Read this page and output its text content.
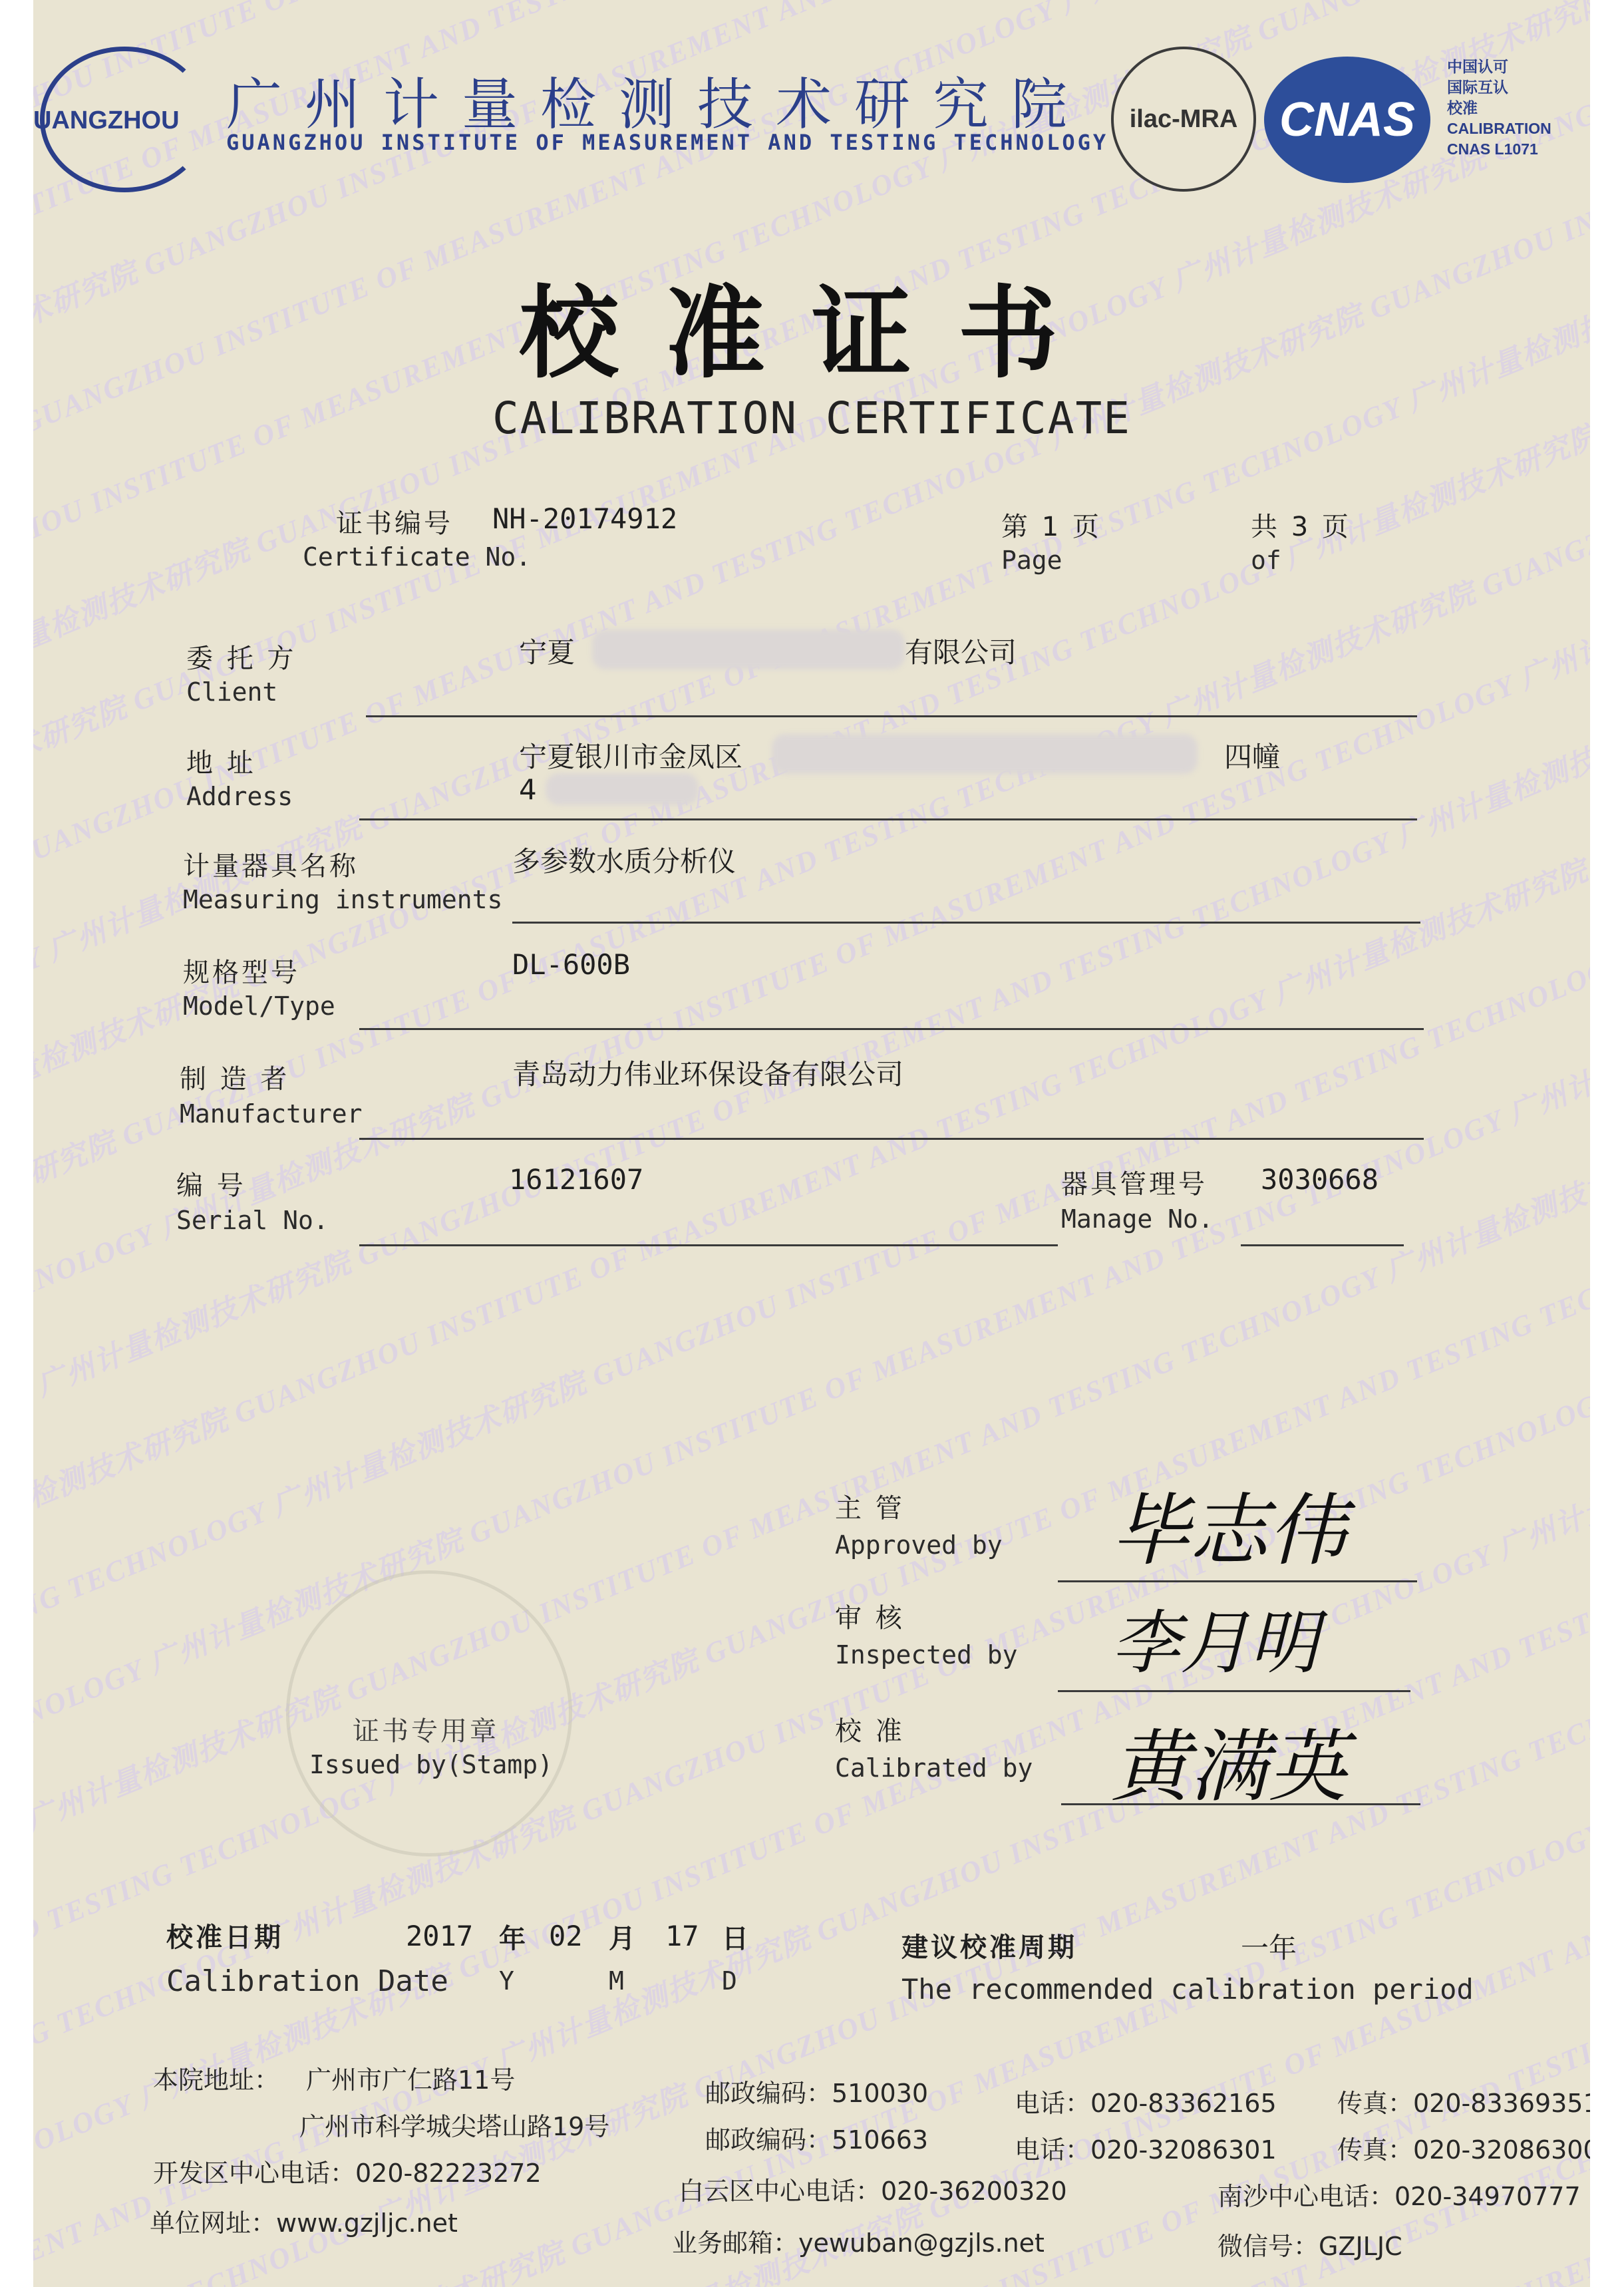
GUANGZHOU INSTITUTE OF MEASUREMENT AND TESTING TECHNOLOGY 广州计量检测技术研究院 GUANGZHOU INSTITUTE
TECHNOLOGY 广州计量检测技术研究院 GUANGZHOU INSTITUTE OF MEASUREMENT AND TESTING TECHNOLOGY 广州计量检测技术研究院
广州计量检测技术研究院 GUANGZHOU INSTITUTE OF MEASUREMENT AND TESTING TECHNOLOGY 广州计量检测技术研究院
广州计量检测技术研究院 GUANGZHOU INSTITUTE OF MEASUREMENT AND TESTING 广州计量检测技术研究院 GUANGZHOU
TECHNOLOGY 广州计量检测技术研究院 GUANGZHOU INSTITUTE OF MEASUREMENT AND TESTING TECHNOLOGY 广州计量检测技术研究院
TECHNOLOGY 广州计量检测技术研究院 GUANGZHOU INSTITUTE OF MEASUREMENT AND TESTING TECHNOLOGY 广州计量检测技术研究院
广州计量检测技术研究院 GUANGZHOU INSTITUTE OF MEASUREMENT AND TESTING TECHNOLOGY 广州计量检测技术研究院
TESTING TECHNOLOGY 广州计量检测技术研究院 GUANGZHOU INSTITUTE OF MEASUREMENT AND TESTING TECHNOLOGY
TECHNOLOGY 广州计量检测技术研究院 GUANGZHOU INSTITUTE OF MEASUREMENT AND TESTING TECHNOLOGY 广州计量检测技术研究院
广州计量检测技术研究院 GUANGZHOU INSTITUTE OF MEASUREMENT AND TESTING TECHNOLOGY 广州计量检测技术研究院
AND TESTING TECHNOLOGY 广州计量检测技术研究院 GUANGZHOU INSTITUTE OF MEASUREMENT AND TESTING TECHNOLOGY
TESTING TECHNOLOGY 广州计量检测技术研究院 GUANGZHOU INSTITUTE OF MEASUREMENT AND TESTING TECHNOLOGY
TECHNOLOGY 广州计量检测技术研究院 GUANGZHOU INSTITUTE OF MEASUREMENT AND TESTING TECHNOLOGY 广州计量检测技术研究院
MEASUREMENT AND TESTING TECHNOLOGY 广州计量检测技术研究院 GUANGZHOU INSTITUTE OF MEASUREMENT AND TESTING
TECHNOLOGY 广州计量检测技术研究院 GUANGZHOU INSTITUTE OF MEASUREMENT AND TESTING TECHNOLOGY
GUANGZHOU INSTITUTE OF MEASUREMENT AND TESTING TECHNOLOGY
广州计量检测技术研究院 GUANGZHOU INSTITUTE OF MEASUREMENT AND
INSTITUTE OF MEASUREMENT AND TESTING
AND TESTING TECHNOLOGY
MEASUREMENT
UANGZHOU 广州计量检测技术研究院
GUANGZHOU INSTITUTE OF MEASUREMENT AND TESTING TECHNOLOGY
ilac-MRA CNAS
中国认可
国际互认
校准
CALIBRATION
CNAS L1071
校准证书
CALIBRATION CERTIFICATE
证书编号 NH-20174912
Certificate No.
第 1 页
Page
共 3 页
of
委 托 方
Client
宁夏	有限公司
地 址
Address
宁夏银川市金凤区	四幢
4
计量器具名称
Measuring instruments
多参数水质分析仪
规格型号
Model/Type
DL-600B
制 造 者
Manufacturer
青岛动力伟业环保设备有限公司
编 号
Serial No.
16121607	器具管理号
Manage No.
3030668
主 管
Approved by 毕志伟
审 核
Inspected by 李月明
校 准
Calibrated by 黄满英
证书专用章
Issued by(Stamp)
校准日期
Calibration Date
2017 年
Y
02 月
M
17 日
D
建议校准周期	一年
The recommended calibration period
本院地址： 广州市广仁路11号
广州市科学城尖塔山路19号
邮政编码：510030
邮政编码：510663
电话：020-83362165
电话：020-32086301
传真：020-83369351
传真：020-32086300
开发区中心电话：020-82223272
白云区中心电话：020-36200320	南沙中心电话：020-34970777
单位网址：www.gzjljc.net
业务邮箱：yewuban@gzjls.net	微信号：GZJLJC
